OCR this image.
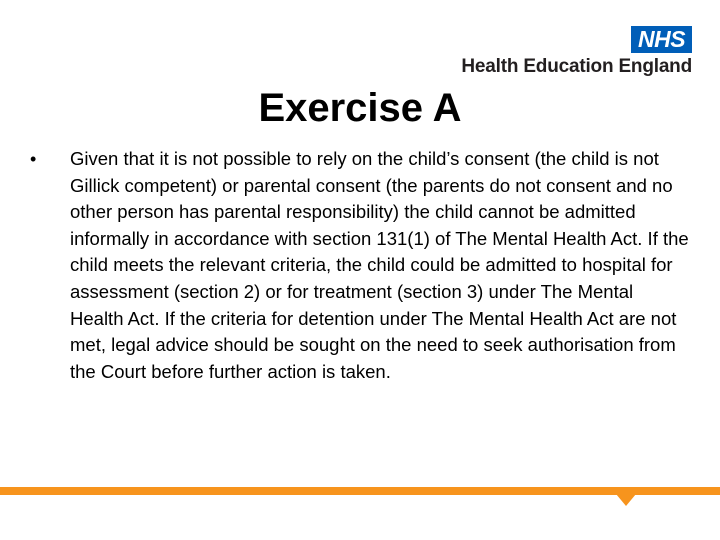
NHS
Health Education England
Exercise A
•	Given that it is not possible to rely on the child’s consent (the child is not Gillick competent) or parental consent (the parents do not consent and no other person has parental responsibility) the child cannot be admitted informally in accordance with section 131(1) of The Mental Health Act. If the child meets the relevant criteria, the child could be admitted to hospital for assessment (section 2) or for treatment (section 3) under The Mental Health Act. If the criteria for detention under The Mental Health Act are not met, legal advice should be sought on the need to seek authorisation from the Court before further action is taken.
